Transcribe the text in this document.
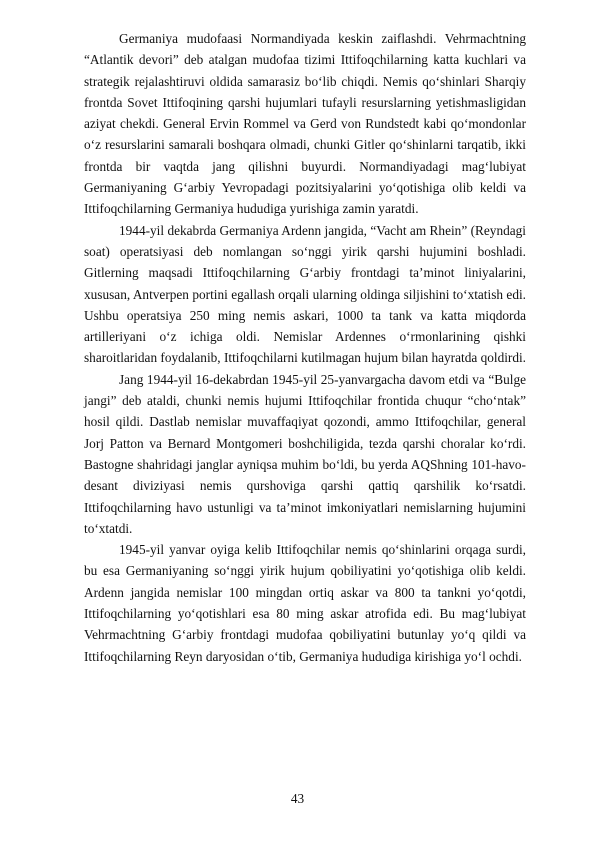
Germaniya mudofaasi Normandiyada keskin zaiflashdi. Vehrmachtning “Atlantik devori” deb atalgan mudofaa tizimi Ittifoqchilarning katta kuchlari va strategik rejalashtiruvi oldida samarasiz bo‘lib chiqdi. Nemis qo‘shinlari Sharqiy frontda Sovet Ittifoqining qarshi hujumlari tufayli resurslarning yetishmasligidan aziyat chekdi. General Ervin Rommel va Gerd von Rundstedt kabi qo‘mondonlar o‘z resurslarini samarali boshqara olmadi, chunki Gitler qo‘shinlarni tarqatib, ikki frontda bir vaqtda jang qilishni buyurdi. Normandiyadagi mag‘lubiyat Germaniyaning G‘arbiy Yevropadagi pozitsiyalarini yo‘qotishiga olib keldi va Ittifoqchilarning Germaniya hududiga yurishiga zamin yaratdi.

1944-yil dekabrda Germaniya Ardenn jangida, “Vacht am Rhein” (Reyndagi soat) operatsiyasi deb nomlangan so‘nggi yirik qarshi hujumini boshladi. Gitlerning maqsadi Ittifoqchilarning G‘arbiy frontdagi ta’minot liniyalarini, xususan, Antverpen portini egallash orqali ularning oldinga siljishini to‘xtatish edi. Ushbu operatsiya 250 ming nemis askari, 1000 ta tank va katta miqdorda artilleriyani o‘z ichiga oldi. Nemislar Ardennes o‘rmonlarining qishki sharoitlaridan foydalanib, Ittifoqchilarni kutilmagan hujum bilan hayratda qoldirdi.

Jang 1944-yil 16-dekabrdan 1945-yil 25-yanvargacha davom etdi va “Bulge jangi” deb ataldi, chunki nemis hujumi Ittifoqchilar frontida chuqur “cho‘ntak” hosil qildi. Dastlab nemislar muvaffaqiyat qozondi, ammo Ittifoqchilar, general Jorj Patton va Bernard Montgomeri boshchiligida, tezda qarshi choralar ko‘rdi. Bastogne shahridagi janglar ayniqsa muhim bo‘ldi, bu yerda AQShning 101-havo-desant diviziyasi nemis qurshoviga qarshi qattiq qarshilik ko‘rsatdi. Ittifoqchilarning havo ustunligi va ta’minot imkoniyatlari nemislarning hujumini to‘xtatdi.

1945-yil yanvar oyiga kelib Ittifoqchilar nemis qo‘shinlarini orqaga surdi, bu esa Germaniyaning so‘nggi yirik hujum qobiliyatini yo‘qotishiga olib keldi. Ardenn jangida nemislar 100 mingdan ortiq askar va 800 ta tankni yo‘qotdi, Ittifoqchilarning yo‘qotishlari esa 80 ming askar atrofida edi. Bu mag‘lubiyat Vehrmachtning G‘arbiy frontdagi mudofaa qobiliyatini butunlay yo‘q qildi va Ittifoqchilarning Reyn daryosidan o‘tib, Germaniya hududiga kirishiga yo‘l ochdi.

43
